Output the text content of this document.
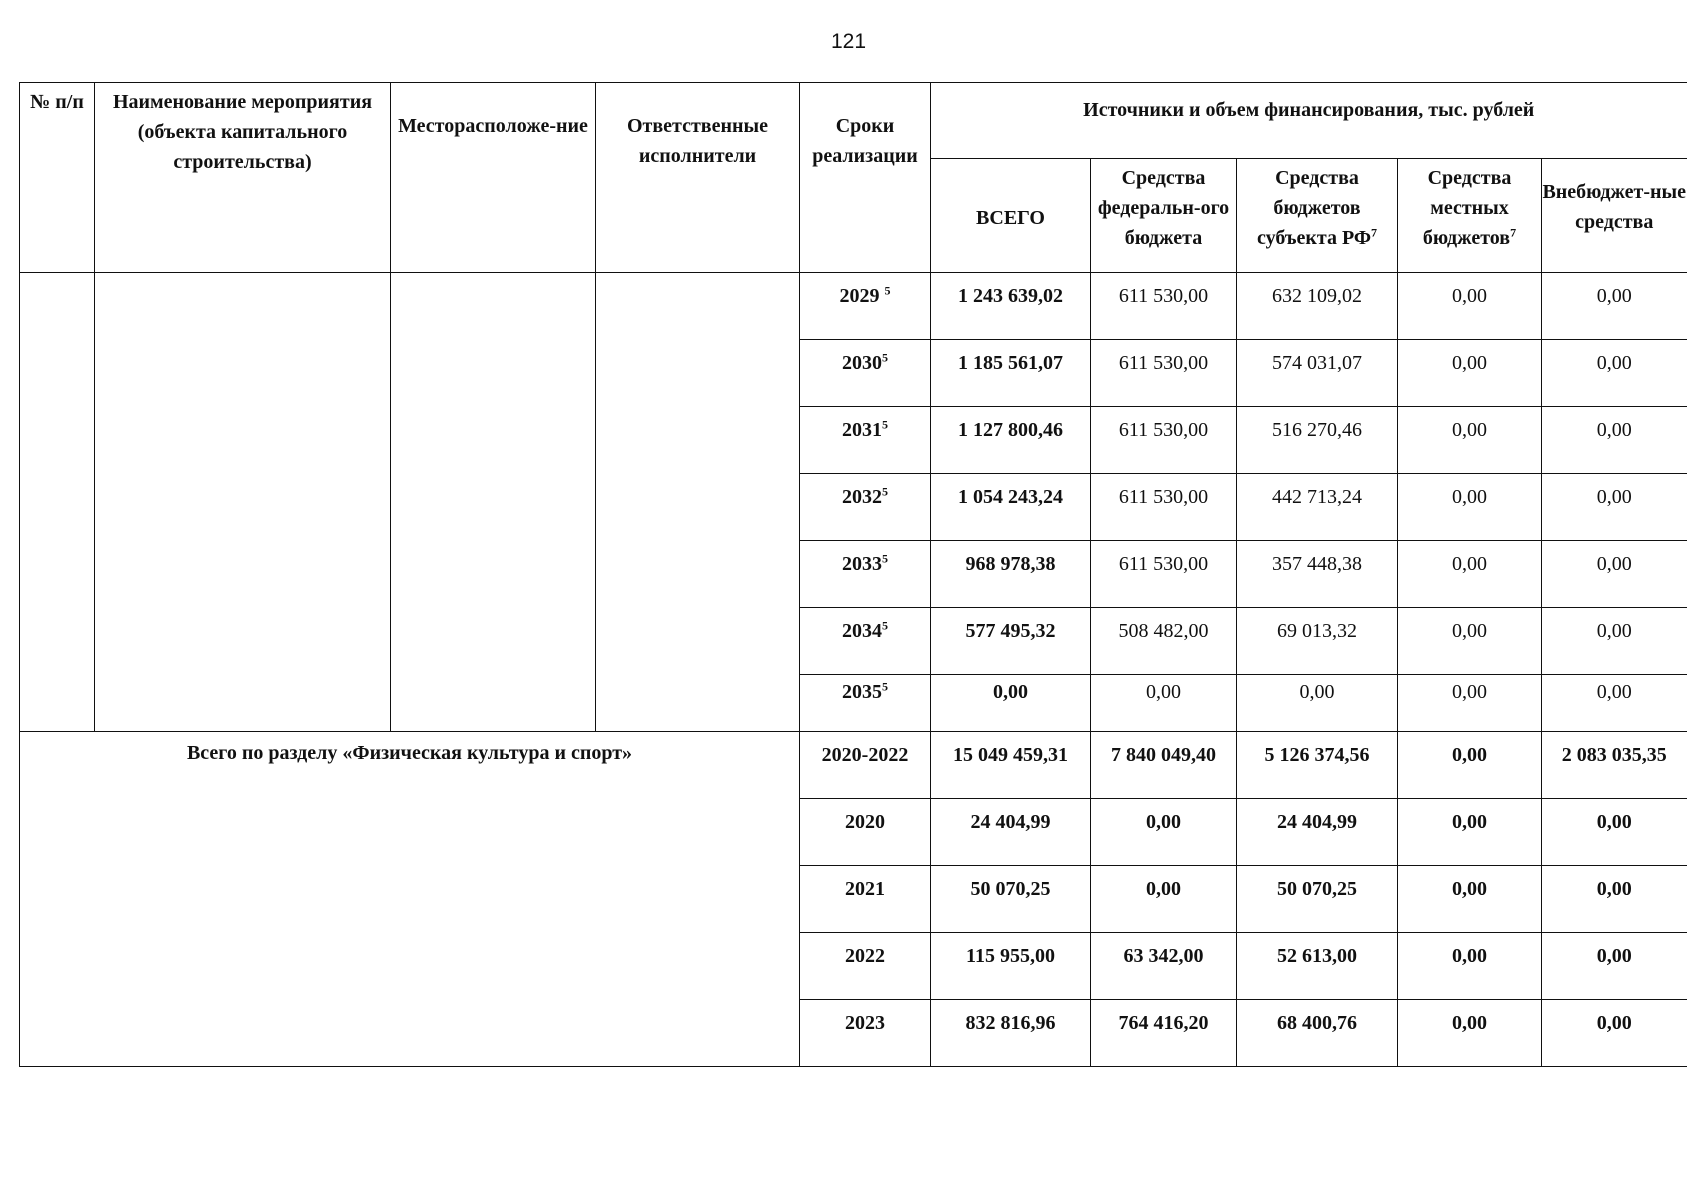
121
№ п/п	Наименование мероприятия (объекта капитального строительства)	Месторасположе-ние	Ответственные исполнители	Сроки реализации	Источники и объем финансирования, тыс. рублей				
					ВСЕГО	Средства федеральн-ого бюджета	Средства бюджетов субъекта $РФ^7$	Средства местных бюджетов$^7$	Внебюджет-ные средства
				2029 $^5$	1 243 639,02	611 530,00	632 109,02	0,00	0,00
				2030$^5$	1 185 561,07	611 530,00	574 031,07	0,00	0,00
				2031$^5$	1 127 800,46	611 530,00	516 270,46	0,00	0,00
				2032$^5$	1 054 243,24	611 530,00	442 713,24	0,00	0,00
				2033$^5$	968 978,38	611 530,00	357 448,38	0,00	0,00
				2034$^5$	577 495,32	508 482,00	69 013,32	0,00	0,00
				2035$^5$	0,00	0,00	0,00	0,00	0,00
Всего по разделу «Физическая культура и спорт»				2020-2022	15 049 459,31	7 840 049,40	5 126 374,56	0,00	2 083 035,35
				2020	24 404,99	0,00	24 404,99	0,00	0,00
				2021	50 070,25	0,00	50 070,25	0,00	0,00
				2022	115 955,00	63 342,00	52 613,00	0,00	0,00
				2023	832 816,96	764 416,20	68 400,76	0,00	0,00
